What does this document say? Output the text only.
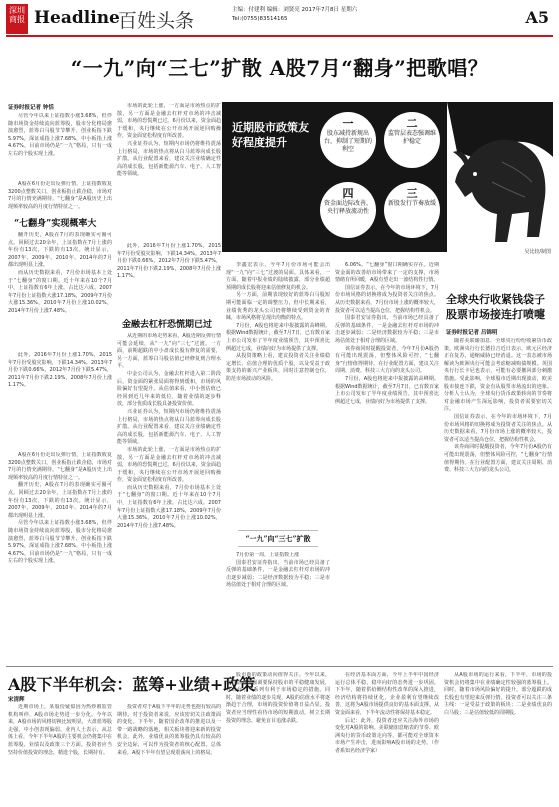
深圳 商报 Headline
百姓头条	主编：付建利 编辑：刘贤亮 2017年7月8日 星期六
Tel:(0755)83514165	A5
“一九”向“三七”扩散 A股7月“翻身”把歌唱？
证券时报记者 钟恬

尽管今年以来上证指数小涨3.68%，但伴随市场资金持续流向蓝筹股，股市分化格局愈演愈烈，蓝筹白马股节节攀升、创业板指下跌5.97%，深证成指上涨7.68%，中小板指上涨4.67%。目前市场仍是“一九”格局，只有一成左右的个股实现上涨。

A股在6月份走出反弹行情，上证指数收复3200点整数关口，创业板指止跌企稳，市场对7月的行情充满期待。“七翻身”是A股历史上出现频率较高的月度行情特征之一。

“七翻身”实现概率大

翻开历史，A股在7月的表现确实可圈可点。回顾过去20余年，上证指数在7月上涨的年份有13次，下跌的有13次。统计显示，2007年、2009年、2010年、2014年的7月都出现明显上涨。

而从历史数据来看，7月份市场基本上处于“七翻身”的窗口期。近十年来在10个7月中，上证指数有6年上涨，占比达六成。2007年7月份上证指数大涨17.18%，2009年7月份大涨15.36%，2010年7月份上涨10.02%，2014年7月份上涨7.48%。

此外，2016年7月份上涨1.70%，2015年7月份受股灾影响，下跌14.34%。2013年7月份下跌0.66%，2012年7月份下跌5.47%，2011年7月份下跌2.19%，2008年7月份上涨1.17%。

A股在6月份走出反弹行情，上证指数收复3200点整数关口，创业板指止跌企稳，市场对7月的行情充满期待。“七翻身”是A股历史上出现频率较高的月度行情特征之一。

翻开历史，A股在7月的表现确实可圈可点。回顾过去20余年，上证指数在7月上涨的年份有13次，下跌的有13次。统计显示，2007年、2009年、2010年、2014年的7月都出现明显上涨。

尽管今年以来上证指数小涨3.68%，但伴随市场资金持续流向蓝筹股，股市分化格局愈演愈烈，蓝筹白马股节节攀升、创业板指下跌5.97%，深证成指上涨7.68%，中小板指上涨4.67%。目前市场仍是“一九”格局，只有一成左右的个股实现上涨。

市场的此轮上涨，一方面是市场热点的扩散，另一方面是金融去杠杆对市场的冲击减弱，市场的恐慌期已过。6月份以来，资金面趋于缓和，央行继续在公开市场开展逆回购操作，资金面宽松程度有所改善。

兴业证券认为，短期内市场仍将维持震荡上行格局，市场的热点将从白马蓝筹向成长股扩散。从行业配置来看，建议关注业绩确定性高的成长股，包括新能源汽车、电子、人工智能等领域。

此外，2016年7月份上涨1.70%，2015年7月份受股灾影响，下跌14.34%。2013年7月份下跌0.66%，2012年7月份下跌5.47%，2011年7月份下跌2.19%，2008年7月份上涨1.17%。

金融去杠杆恐慌期已过

从近期的市场走势来看，A股近期反弹行情可能会延续，从“一九”向“三七”过渡。一方面，前期超跌的中小盘成长股有修复的需要，另一方面，蓝筹白马股估值已经修复到合理水平。

中金公司认为，金融去杠杆进入第二阶段后，资金面的紧张局面将得到缓和，市场的风险偏好有望提升。从估值来看，中小创估值已经回到近几年来的低位，随着业绩的逐步释放，部分优质成长股具备投资价值。

兴业证券认为，短期内市场仍将维持震荡上行格局，市场的热点将从白马蓝筹向成长股扩散。从行业配置来看，建议关注业绩确定性高的成长股，包括新能源汽车、电子、人工智能等领域。

市场的此轮上涨，一方面是市场热点的扩散，另一方面是金融去杠杆对市场的冲击减弱，市场的恐慌期已过。6月份以来，资金面趋于缓和，央行继续在公开市场开展逆回购操作，资金面宽松程度有所改善。

而从历史数据来看，7月份市场基本上处于“七翻身”的窗口期。近十年来在10个7月中，上证指数有6年上涨，占比达六成。2007年7月份上证指数大涨17.18%，2009年7月份大涨15.36%，2010年7月份上涨10.02%，2014年7月份上涨7.48%。

近期股市政策友好程度提升
一
股东减持新规出台，抑制了短期的利空
二
监管层表态强调维护稳定
三
新股发行节奏放缓
四
资金面边际改善，央行释放流动性
吴比较/制图

李鑫宏表示，今年7月份市场可能会出现“一九”向“三七”过渡的局面。具体来看，一方面，随着中报业绩的陆续披露，部分业绩超预期的成长股将迎来估值修复的机会。

另一方面，前期表现较好的蓝筹白马股短期可能面临一定的调整压力，但中长期来看，业绩优秀的龙头公司仍将继续受到资金的青睐，市场风格将呈现出均衡的特点。

7月份，A股也将迎来中报披露的高峰期。根据Wind数据统计，截至7月7日，已有数百家上市公司发布了半年度业绩预告，其中预喜比例超过七成，业绩向好为市场提供了支撑。

从投资策略上看，建议投资者关注业绩稳定增长、估值合理的优质个股，以及受益于政策支持的新兴产业板块，同时注意控制仓位，防范市场波动的风险。

“一九”向“三七”扩散

7月份第一周，上证指数上涨

国泰君安证券指出，当前市场已经具备了反弹的基础条件，一是金融去杠杆对市场的冲击逐步减弱；二是经济数据较为平稳；三是市场估值处于相对合理的区域。

6.06%。“七翻身”窗口期确实存在。近期资金面的改善给市场带来了一定的支撑，市场情绪有所回暖，A股有望走出一波结构性行情。

国信证券表示，在今年的市场环境下，7月份市场风格的切换将成为投资者关注的焦点。从历史数据来看，7月份市场上涨的概率较大，投资者可以适当提高仓位，把握结构性机会。

国泰君安证券指出，当前市场已经具备了反弹的基础条件，一是金融去杠杆对市场的冲击逐步减弱；二是经济数据较为平稳；三是市场估值处于相对合理的区域。

该券商同时提醒投资者，今年7月份A股仍有可能出现震荡，但整体风险可控，“七翻身”行情值得期待。在行业配置方面，建议关注周期、消费、科技三大方向的龙头公司。

7月份，A股也将迎来中报披露的高峰期。根据Wind数据统计，截至7月7日，已有数百家上市公司发布了半年度业绩预告，其中预喜比例超过七成，业绩向好为市场提供了支撑。

全球央行收紧钱袋子
股票市场接连打喷嚏
证券时报记者 吕锦明

随着美联储加息，全球央行纷纷收紧货币政策。欧洲央行行长德拉吉近日表示，欧元区经济正在复苏，通缩威胁已经消退。这一表态被市场解读为欧洲央行可能会考虑缩减购债规模。英国央行行长卡尼也表示，可能有必要撤回部分刺激措施。受此影响，全球股市近期出现波动，欧美股市接连下跌，资金有从股票市场流出的迹象。分析人士认为，全球央行货币政策转向的节奏将对金融市场产生深远影响，投资者需要密切关注。

国信证券表示，在今年的市场环境下，7月份市场风格的切换将成为投资者关注的焦点。从历史数据来看，7月份市场上涨的概率较大，投资者可以适当提高仓位，把握结构性机会。

该券商同时提醒投资者，今年7月份A股仍有可能出现震荡，但整体风险可控，“七翻身”行情值得期待。在行业配置方面，建议关注周期、消费、科技三大方向的龙头公司。

A股下半年机会：蓝筹+业绩+政策
宋清辉

近期市场上，某股份疑似因为热炒被监管机构叫停，A股市场走势进一步分化。今年以来，A股市场的风格切换比较明显，大盘蓝筹股走强，中小创表现偏弱。业内人士表示，从总体上看，今年下半年A股的主要机会仍将集中在蓝筹股、业绩以及政策三个方面。投资者应当坚持价值投资的理念，精选个股，长期持有。

投资者对于A股下半年的走势也抱有较高的期待。对于投资者来说，应该密切关注政策面的变化。下半年，随着国企改革的推进以及一带一路战略的落地，相关板块将迎来新的投资机会。此外，业绩优良的蓝筹股仍具有较高的安全边际，可以作为投资者的核心配置。总体来看，A股下半年有望呈现震荡向上的格局。

股市新的政策动向值得关注。今年以来，监管层多次强调要保持股市的平稳健康发展，并出台了一系列有利于市场稳定的措施。同时，随着业绩的逐步兑现，A股的估值水平将逐渐趋于合理，市场的投资价值将日益凸显。投资者应当理性看待市场的短期波动，树立长期投资的理念，避免盲目追涨杀跌。

在经济基本面方面，今年上半年中国经济运行总体平稳，稳中向好的态势进一步巩固。下半年，随着供给侧结构性改革的深入推进，经济结构将持续优化，企业盈利有望继续改善，这将为A股市场提供良好的基本面支撑。从资金面来看，下半年流动性将保持基本稳定。

后记：此外，投资者还应关注海外市场的变化对A股的影响。美联储加息缩表的节奏、欧洲央行的货币政策走向等，都可能对全球资本市场产生冲击，进而影响A股市场的走势。（作者系知名经济学家）

从A股市场的运行来看，下半年，市场的投资机会仍将集中在业绩确定性较强的蓝筹股上。同时，随着市场风险偏好的提升，部分超跌的成长股也有望迎来反弹行情。投资者可以关注三条主线：一是受益于政策的板块；二是业绩优良的白马股；三是估值较低的周期股。
